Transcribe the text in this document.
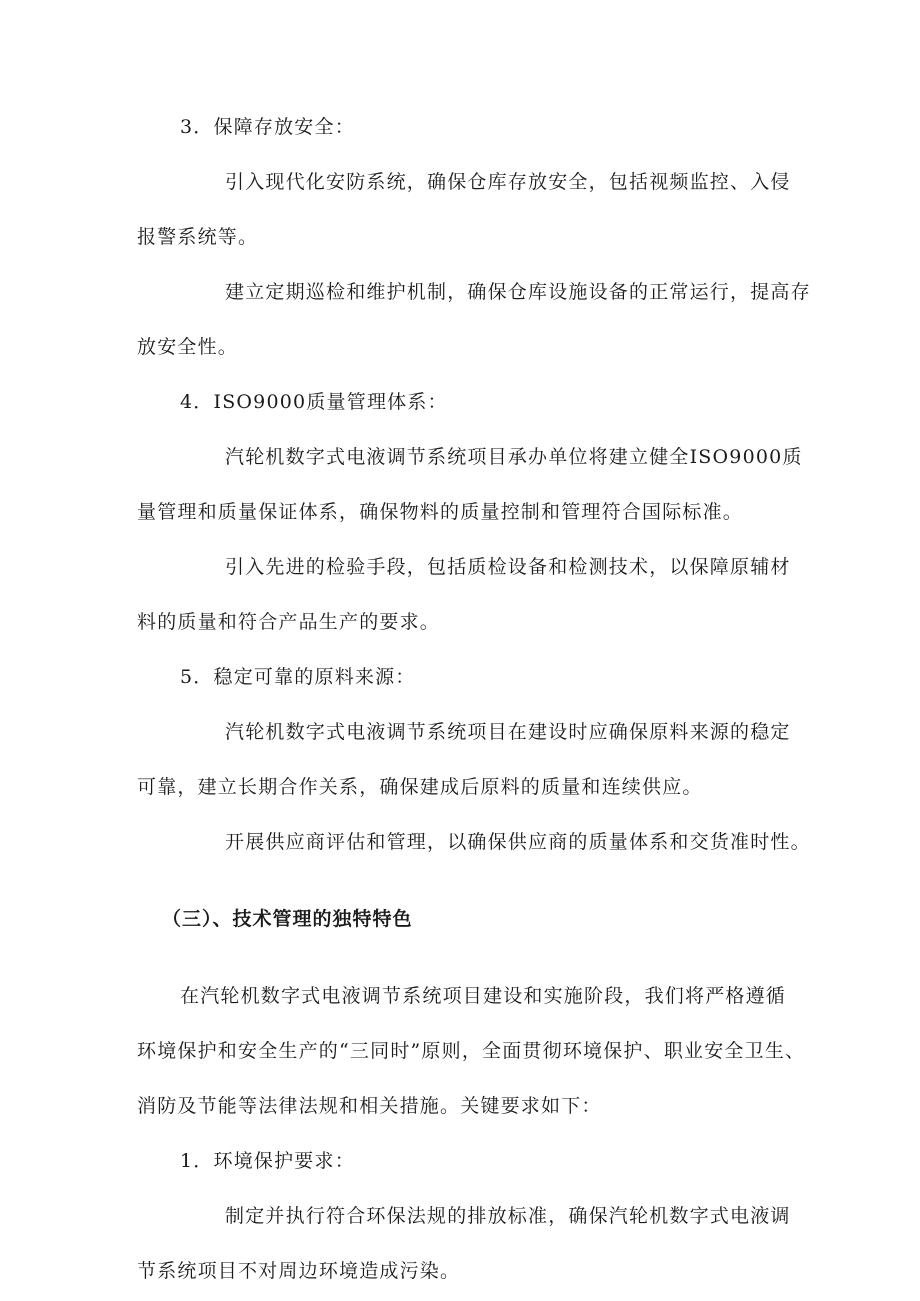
3．保障存放安全：
引入现代化安防系统，确保仓库存放安全，包括视频监控、入侵
报警系统等。
建立定期巡检和维护机制，确保仓库设施设备的正常运行，提高存
放安全性。
4．ISO9000质量管理体系：
汽轮机数字式电液调节系统项目承办单位将建立健全ISO9000质
量管理和质量保证体系，确保物料的质量控制和管理符合国际标准。
引入先进的检验手段，包括质检设备和检测技术，以保障原辅材
料的质量和符合产品生产的要求。
5．稳定可靠的原料来源：
汽轮机数字式电液调节系统项目在建设时应确保原料来源的稳定
可靠，建立长期合作关系，确保建成后原料的质量和连续供应。
开展供应商评估和管理，以确保供应商的质量体系和交货准时性。
（三）、技术管理的独特特色
在汽轮机数字式电液调节系统项目建设和实施阶段，我们将严格遵循
环境保护和安全生产的“三同时”原则，全面贯彻环境保护、职业安全卫生、
消防及节能等法律法规和相关措施。关键要求如下：
1．环境保护要求：
制定并执行符合环保法规的排放标准，确保汽轮机数字式电液调
节系统项目不对周边环境造成污染。
